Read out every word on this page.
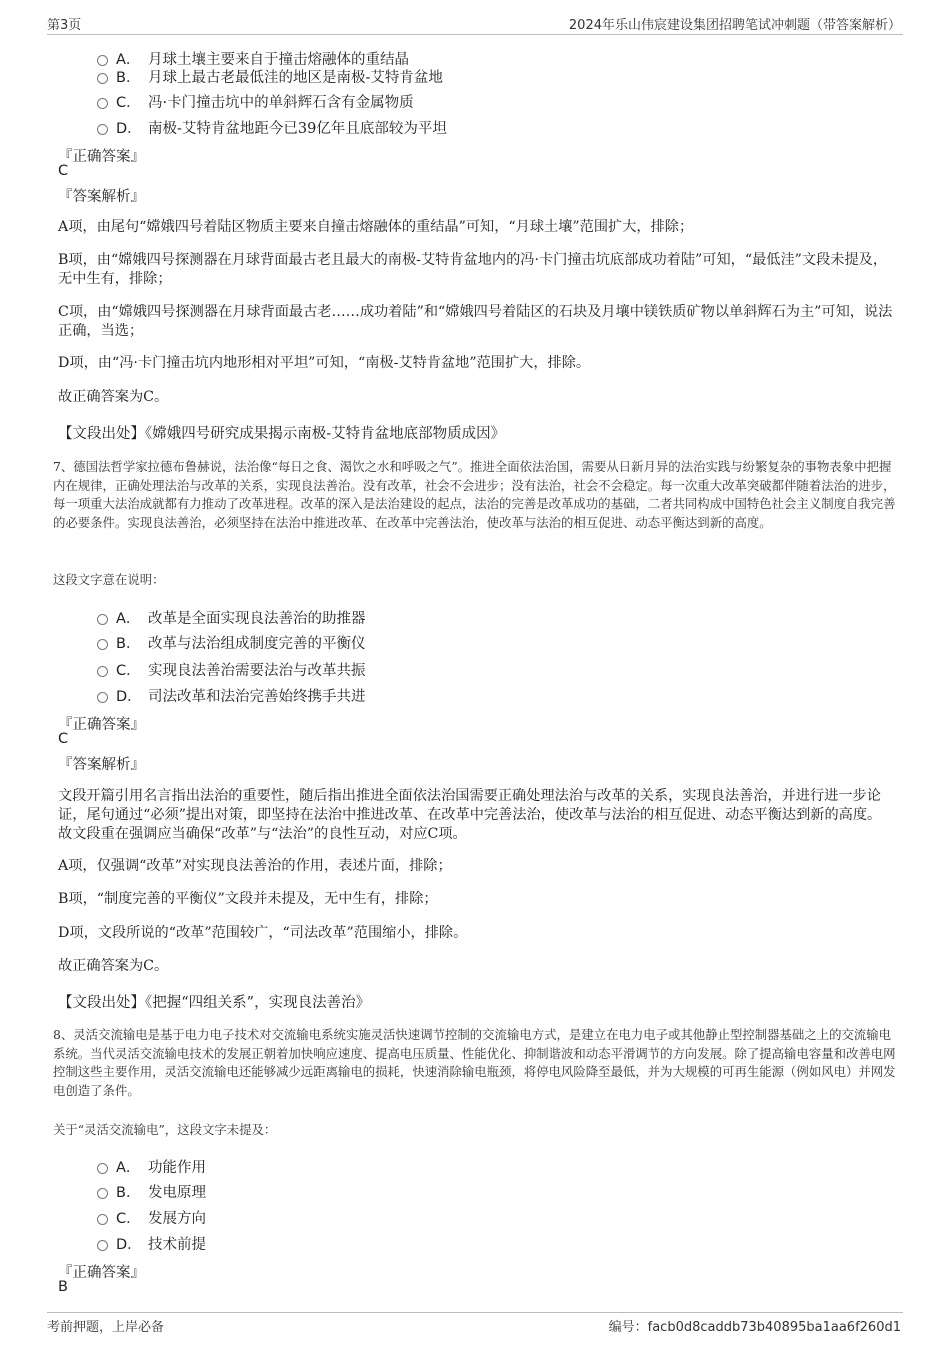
第3页	2024年乐山伟宸建设集团招聘笔试冲刺题（带答案解析）
A． 月球土壤主要来自于撞击熔融体的重结晶
B． 月球上最古老最低洼的地区是南极-艾特肯盆地
C． 冯·卡门撞击坑中的单斜辉石含有金属物质
D． 南极-艾特肯盆地距今已39亿年且底部较为平坦
『正确答案』
C
『答案解析』
A项，由尾句“嫦娥四号着陆区物质主要来自撞击熔融体的重结晶”可知，“月球土壤”范围扩大，排除；
B项，由“嫦娥四号探测器在月球背面最古老且最大的南极-艾特肯盆地内的冯·卡门撞击坑底部成功着陆”可知，“最低洼”文段未提及，无中生有，排除；
C项，由“嫦娥四号探测器在月球背面最古老……成功着陆”和“嫦娥四号着陆区的石块及月壤中镁铁质矿物以单斜辉石为主”可知，说法正确，当选；
D项，由“冯·卡门撞击坑内地形相对平坦”可知，“南极-艾特肯盆地”范围扩大，排除。
故正确答案为C。
【文段出处】《嫦娥四号研究成果揭示南极-艾特肯盆地底部物质成因》
7、德国法哲学家拉德布鲁赫说，法治像“每日之食、渴饮之水和呼吸之气”。推进全面依法治国，需要从日新月异的法治实践与纷繁复杂的事物表象中把握内在规律，正确处理法治与改革的关系，实现良法善治。没有改革，社会不会进步；没有法治，社会不会稳定。每一次重大改革突破都伴随着法治的进步，每一项重大法治成就都有力推动了改革进程。改革的深入是法治建设的起点，法治的完善是改革成功的基础，二者共同构成中国特色社会主义制度自我完善的必要条件。实现良法善治，必须坚持在法治中推进改革、在改革中完善法治，使改革与法治的相互促进、动态平衡达到新的高度。
这段文字意在说明：
A． 改革是全面实现良法善治的助推器
B． 改革与法治组成制度完善的平衡仪
C． 实现良法善治需要法治与改革共振
D． 司法改革和法治完善始终携手共进
『正确答案』
C
『答案解析』
文段开篇引用名言指出法治的重要性，随后指出推进全面依法治国需要正确处理法治与改革的关系，实现良法善治，并进行进一步论证，尾句通过“必须”提出对策，即坚持在法治中推进改革、在改革中完善法治，使改革与法治的相互促进、动态平衡达到新的高度。故文段重在强调应当确保“改革”与“法治”的良性互动，对应C项。
A项，仅强调“改革”对实现良法善治的作用，表述片面，排除；
B项，“制度完善的平衡仪”文段并未提及，无中生有，排除；
D项，文段所说的“改革”范围较广，“司法改革”范围缩小，排除。
故正确答案为C。
【文段出处】《把握“四组关系”，实现良法善治》
8、灵活交流输电是基于电力电子技术对交流输电系统实施灵活快速调节控制的交流输电方式，是建立在电力电子或其他静止型控制器基础之上的交流输电系统。当代灵活交流输电技术的发展正朝着加快响应速度、提高电压质量、性能优化、抑制谐波和动态平滑调节的方向发展。除了提高输电容量和改善电网控制这些主要作用，灵活交流输电还能够减少远距离输电的损耗，快速消除输电瓶颈，将停电风险降至最低，并为大规模的可再生能源（例如风电）并网发电创造了条件。
关于“灵活交流输电”，这段文字未提及：
A． 功能作用
B． 发电原理
C． 发展方向
D． 技术前提
『正确答案』
B
考前押题，上岸必备	编号：facb0d8caddb73b40895ba1aa6f260d1
